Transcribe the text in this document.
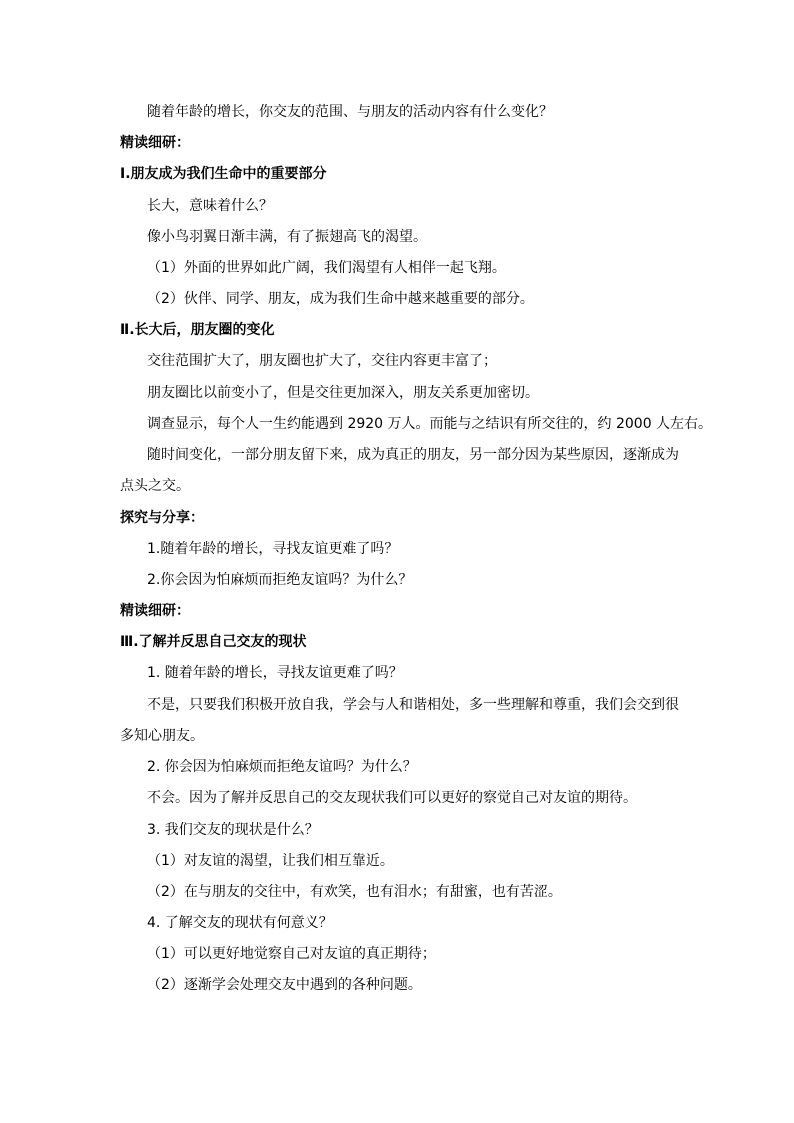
随着年龄的增长，你交友的范围、与朋友的活动内容有什么变化？

精读细研：

Ⅰ.朋友成为我们生命中的重要部分

长大，意味着什么？

像小鸟羽翼日渐丰满，有了振翅高飞的渴望。

（1）外面的世界如此广阔，我们渴望有人相伴一起飞翔。

（2）伙伴、同学、朋友，成为我们生命中越来越重要的部分。

Ⅱ.长大后，朋友圈的变化

交往范围扩大了，朋友圈也扩大了，交往内容更丰富了；

朋友圈比以前变小了，但是交往更加深入，朋友关系更加密切。

调查显示，每个人一生约能遇到 2920 万人。而能与之结识有所交往的，约 2000 人左右。

随时间变化，一部分朋友留下来，成为真正的朋友，另一部分因为某些原因，逐渐成为

点头之交。

探究与分享：

1.随着年龄的增长，寻找友谊更难了吗？

2.你会因为怕麻烦而拒绝友谊吗？为什么？

精读细研：

Ⅲ.了解并反思自己交友的现状

1. 随着年龄的增长，寻找友谊更难了吗？

不是，只要我们积极开放自我，学会与人和谐相处，多一些理解和尊重，我们会交到很

多知心朋友。

2. 你会因为怕麻烦而拒绝友谊吗？为什么？

不会。因为了解并反思自己的交友现状我们可以更好的察觉自己对友谊的期待。

3. 我们交友的现状是什么？

（1）对友谊的渴望，让我们相互靠近。

（2）在与朋友的交往中，有欢笑，也有泪水；有甜蜜，也有苦涩。

4. 了解交友的现状有何意义？

（1）可以更好地觉察自己对友谊的真正期待；

（2）逐渐学会处理交友中遇到的各种问题。
